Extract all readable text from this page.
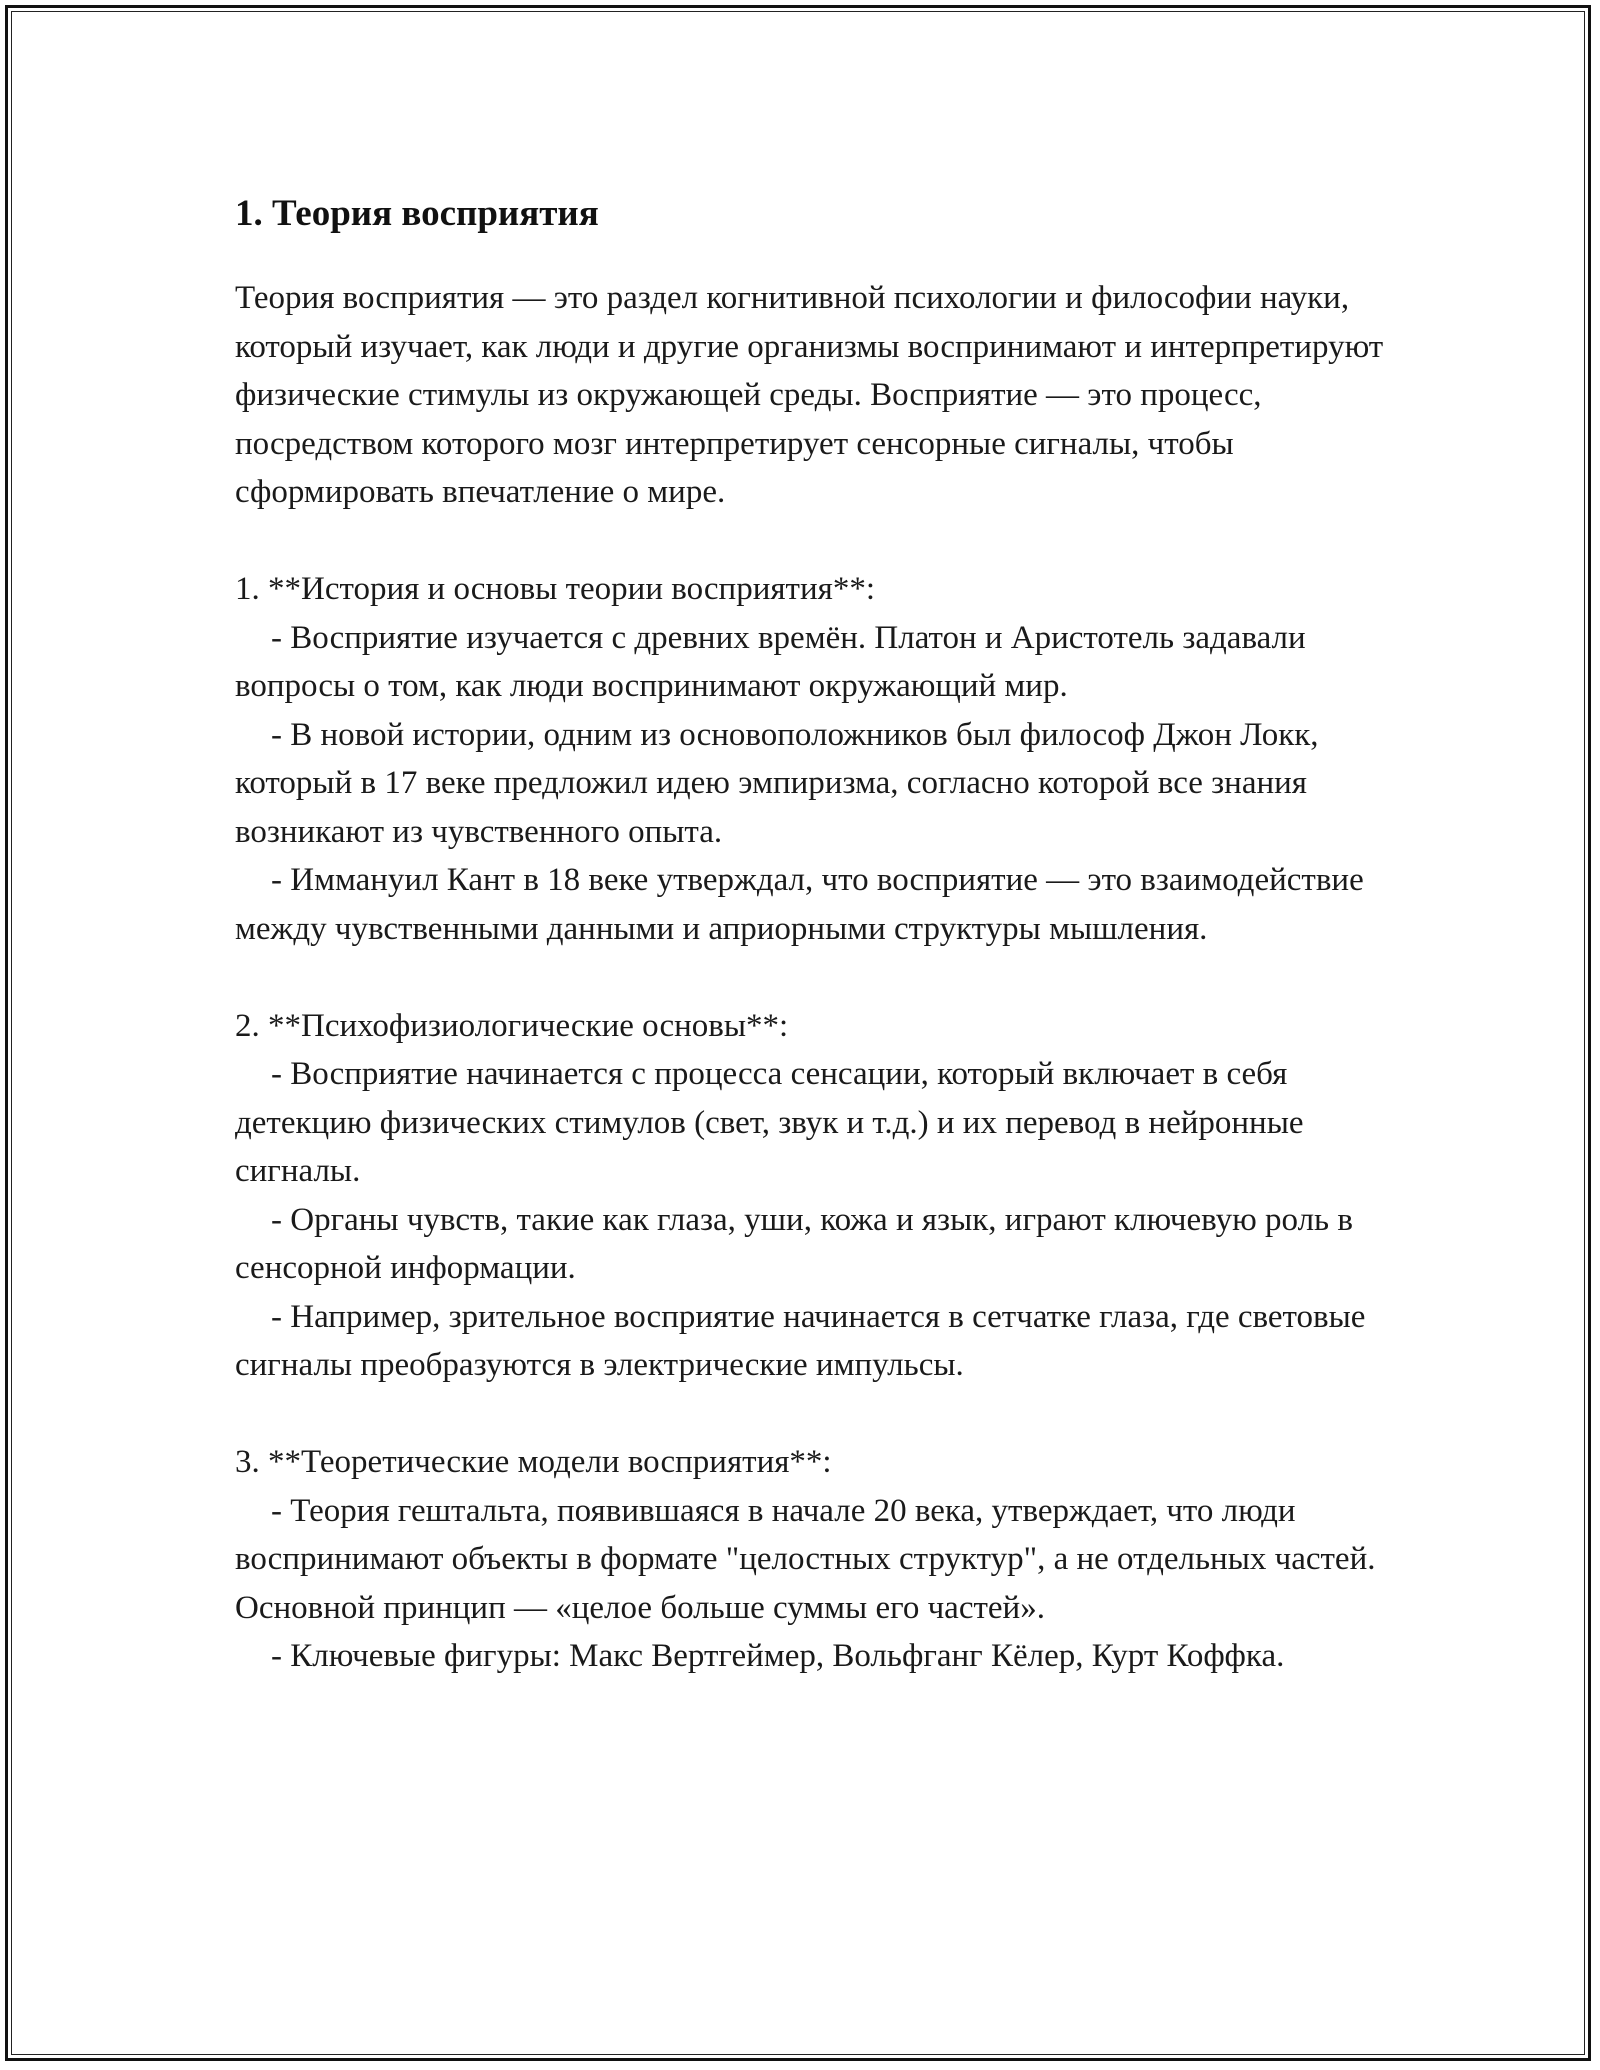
1. Теория восприятия

Теория восприятия — это раздел когнитивной психологии и философии науки, который изучает, как люди и другие организмы воспринимают и интерпретируют физические стимулы из окружающей среды. Восприятие — это процесс, посредством которого мозг интерпретирует сенсорные сигналы, чтобы сформировать впечатление о мире.

1. **История и основы теории восприятия**:

- Восприятие изучается с древних времён. Платон и Аристотель задавали вопросы о том, как люди воспринимают окружающий мир.

- В новой истории, одним из основоположников был философ Джон Локк, который в 17 веке предложил идею эмпиризма, согласно которой все знания возникают из чувственного опыта.

- Иммануил Кант в 18 веке утверждал, что восприятие — это взаимодействие между чувственными данными и априорными структуры мышления.

2. **Психофизиологические основы**:

- Восприятие начинается с процесса сенсации, который включает в себя детекцию физических стимулов (свет, звук и т.д.) и их перевод в нейронные сигналы.

- Органы чувств, такие как глаза, уши, кожа и язык, играют ключевую роль в сенсорной информации.

- Например, зрительное восприятие начинается в сетчатке глаза, где световые сигналы преобразуются в электрические импульсы.

3. **Теоретические модели восприятия**:

- Теория гештальта, появившаяся в начале 20 века, утверждает, что люди воспринимают объекты в формате "целостных структур", а не отдельных частей. Основной принцип — «целое больше суммы его частей».

- Ключевые фигуры: Макс Вертгеймер, Вольфганг Кёлер, Курт Коффка.
